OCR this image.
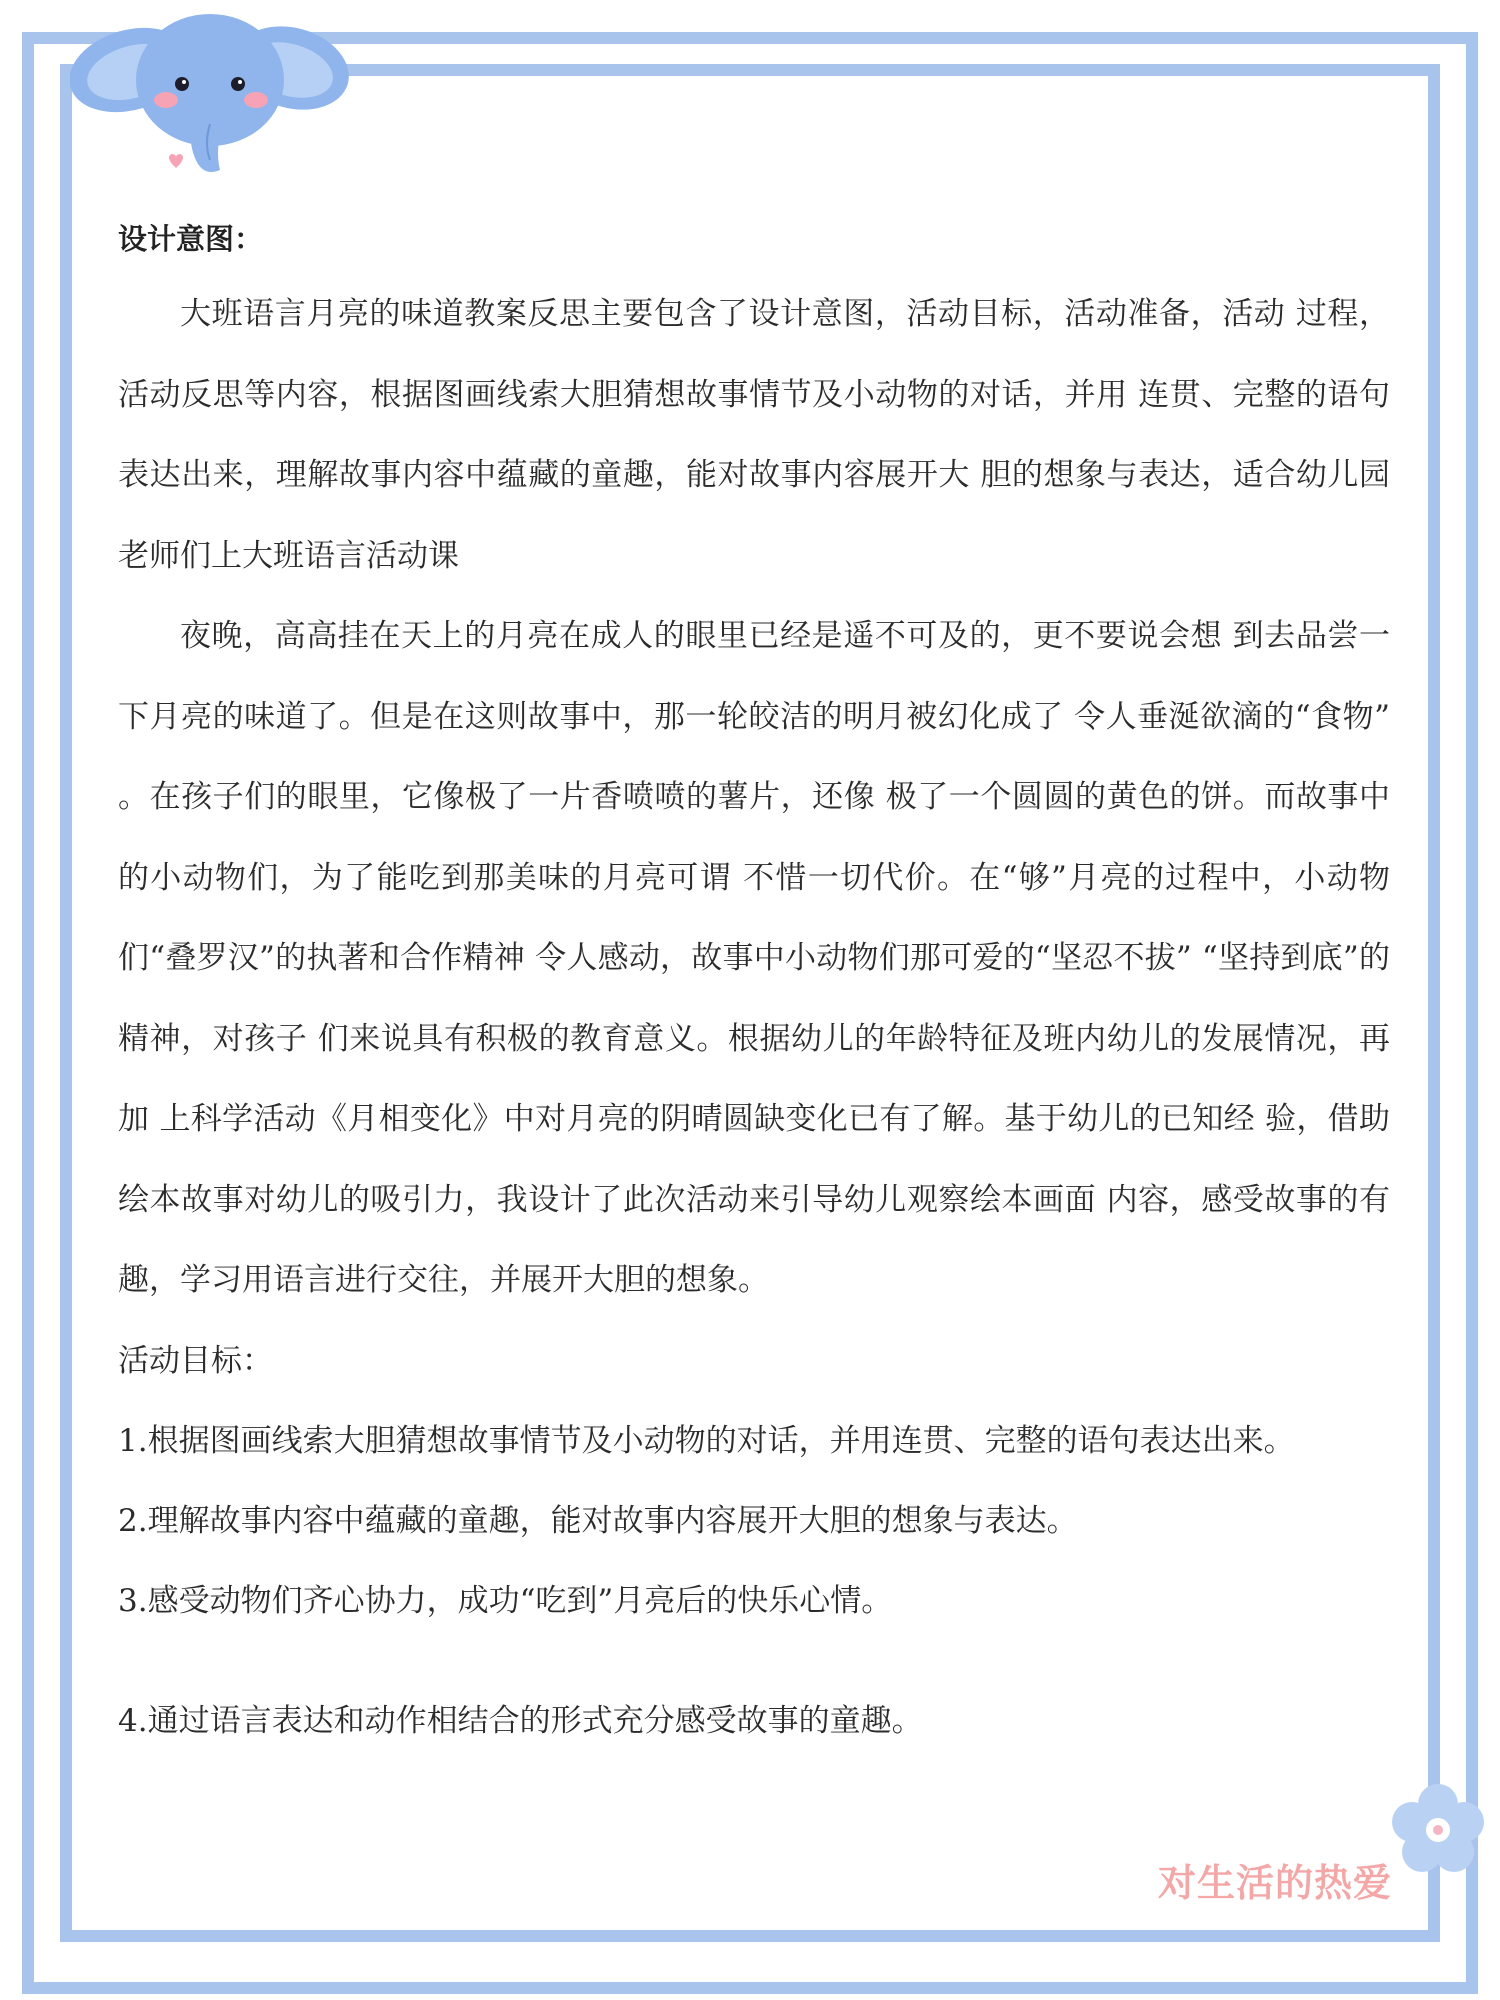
设计意图：

大班语言月亮的味道教案反思主要包含了设计意图，活动目标，活动准备，活动 过程，活动反思等内容，根据图画线索大胆猜想故事情节及小动物的对话，并用 连贯、完整的语句表达出来，理解故事内容中蕴藏的童趣，能对故事内容展开大 胆的想象与表达，适合幼儿园老师们上大班语言活动课

夜晚，高高挂在天上的月亮在成人的眼里已经是遥不可及的，更不要说会想 到去品尝一下月亮的味道了。但是在这则故事中，那一轮皎洁的明月被幻化成了 令人垂涎欲滴的“食物” 。在孩子们的眼里，它像极了一片香喷喷的薯片，还像 极了一个圆圆的黄色的饼。而故事中的小动物们，为了能吃到那美味的月亮可谓 不惜一切代价。在“够”月亮的过程中，小动物们“叠罗汉”的执著和合作精神 令人感动，故事中小动物们那可爱的“坚忍不拔” “坚持到底”的精神，对孩子 们来说具有积极的教育意义。根据幼儿的年龄特征及班内幼儿的发展情况，再加 上科学活动《月相变化》中对月亮的阴晴圆缺变化已有了解。基于幼儿的已知经 验，借助绘本故事对幼儿的吸引力，我设计了此次活动来引导幼儿观察绘本画面 内容，感受故事的有趣，学习用语言进行交往，并展开大胆的想象。

活动目标：

1.根据图画线索大胆猜想故事情节及小动物的对话，并用连贯、完整的语句表达出来。

2.理解故事内容中蕴藏的童趣，能对故事内容展开大胆的想象与表达。

3.感受动物们齐心协力，成功“吃到”月亮后的快乐心情。

4.通过语言表达和动作相结合的形式充分感受故事的童趣。

对生活的热爱
